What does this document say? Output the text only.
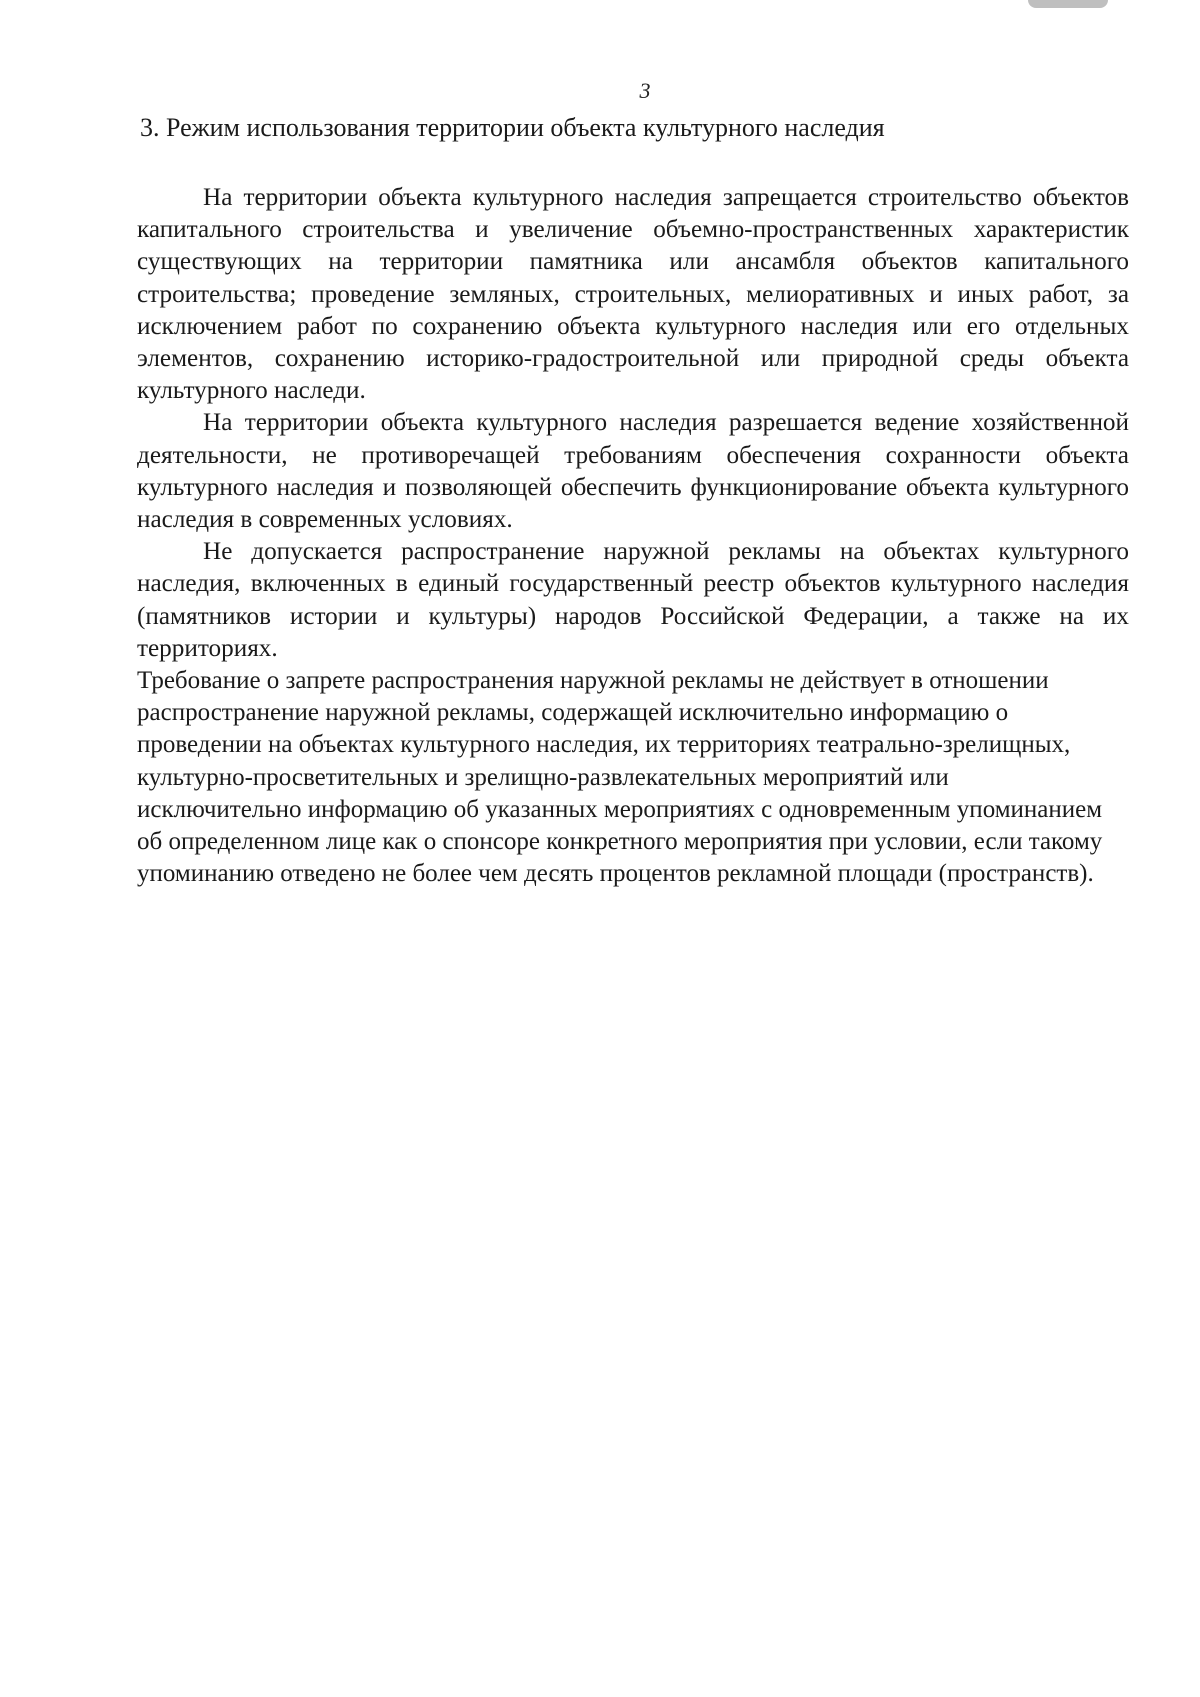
3
3. Режим использования территории объекта культурного наследия

На территории объекта культурного наследия запрещается строительство объектов капитального строительства и увеличение объемно-пространственных характеристик существующих на территории памятника или ансамбля объектов капитального строительства; проведение земляных, строительных, мелиоративных и иных работ, за исключением работ по сохранению объекта культурного наследия или его отдельных элементов, сохранению историко-градостроительной или природной среды объекта культурного наследи.

На территории объекта культурного наследия разрешается ведение хозяйственной деятельности, не противоречащей требованиям обеспечения сохранности объекта культурного наследия и позволяющей обеспечить функционирование объекта культурного наследия в современных условиях.

Не допускается распространение наружной рекламы на объектах культурного наследия, включенных в единый государственный реестр объектов культурного наследия (памятников истории и культуры) народов Российской Федерации, а также на их территориях.

Требование о запрете распространения наружной рекламы не действует в отношении распространение наружной рекламы, содержащей исключительно информацию о проведении на объектах культурного наследия, их территориях театрально-зрелищных, культурно-просветительных и зрелищно-развлекательных мероприятий или исключительно информацию об указанных мероприятиях с одновременным упоминанием об определенном лице как о спонсоре конкретного мероприятия при условии, если такому упоминанию отведено не более чем десять процентов рекламной площади (пространств).
